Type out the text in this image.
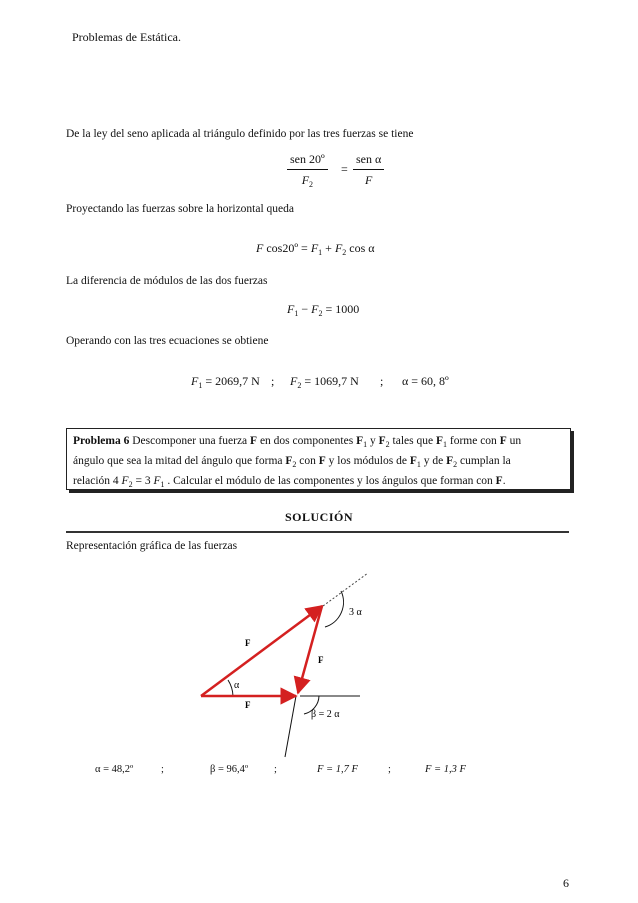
Problemas de Estática.
De la ley del seno aplicada al triángulo definido por las tres fuerzas se tiene
sen 20º
$F_2$
=
sen α
F
Proyectando las fuerzas sobre la horizontal queda
F cos20º = $F_1 + F_2$ cos α
La diferencia de módulos de las dos fuerzas
$F_1 - F_2 = 1000$
Operando con las tres ecuaciones se obtiene
$F_1 = 2069,7$ N ; $F_2 = 1069,7$ N ; α = 60, 8º
Problema 6 Descomponer una fuerza F en dos componentes $F_1$ y $F_2$ tales que $F_1$ forme con F un
ángulo que sea la mitad del ángulo que forma $F_2$ con F y los módulos de $F_1$ y de $F_2$ cumplan la
relación 4 $F_2 = 3$ $F_1$ . Calcular el módulo de las componentes y los ángulos que forman con F.
SOLUCIÓN
Representación gráfica de las fuerzas
3 α
F
F
α
F
β = 2 α
α = 48,2º	;	β = 96,4º ;	F = 1,7 F	;	F = 1,3 F
6
